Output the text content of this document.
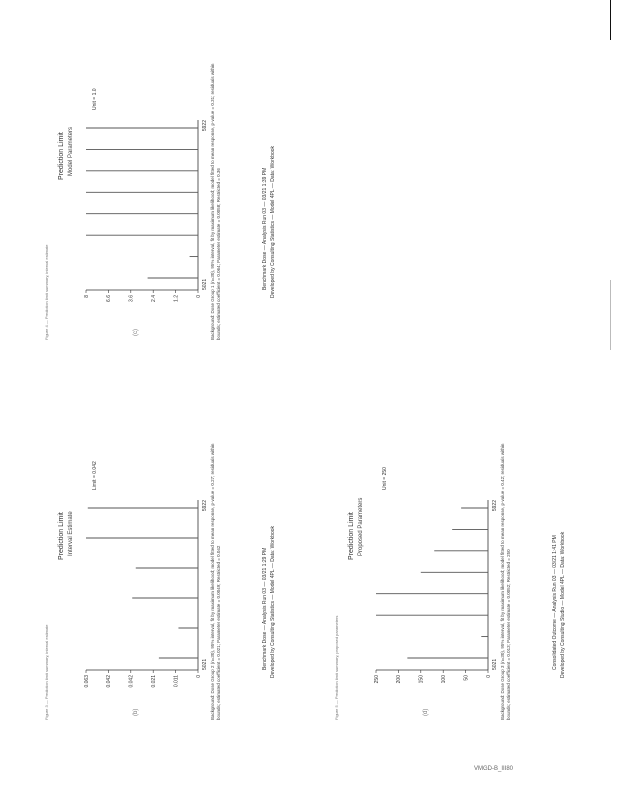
Figure 4 — Prediction limit summary, interval estimate
Prediction Limit Model Parameters
(c)
8	6.6	3.6	2.4	1.2	0
5021
5922
Unit = 1.0	Background: Dose Group 1 (n=30), 95% interval, fit by maximum likelihood; model fitted to mean response, p-value = 0.31; residuals within bounds; estimated coefficient = 0.064; Parameter estimate = 0.0058; Restricted = 0.36	Benchmark Dose — Analysis Run 03 — 03/21 1:39 PM Developed by Consulting Statistics — Model 4PL — Data: Workbook
Figure 3 — Prediction limit summary, interval estimate
Prediction Limit Interval Estimate
(b)
0.063	0.042	0.042	0.021	0.011	0
5021
5922
Limit = 0.042	Background: Dose Group 2 (n=30), 95% interval, fit by maximum likelihood; model fitted to mean response, p-value = 0.27; residuals within bounds; estimated coefficient = 0.021; Parameter estimate = 0.0049; Restricted = 0.042	Benchmark Dose — Analysis Run 03 — 03/21 1:29 PM Developed by Consulting Statistics — Model 4PL — Data: Workbook	Figure 5 — Prediction limit summary, proposed parameters
Prediction Limit Proposed Parameters
(d)
250	200	150	100	50	0
5021
5922
Unit = 250	Background: Dose Group 3 (n=30), 95% interval, fit by maximum likelihood; model fitted to mean response, p-value = 0.42; residuals within bounds; estimated coefficient = 0.013; Parameter estimate = 0.0052; Restricted = 250	Consolidated Outcome — Analysis Run 03 — 03/21 1:41 PM Developed by Consulting Studio — Model 4PL — Data: Workbook
VMGD-B_III80
